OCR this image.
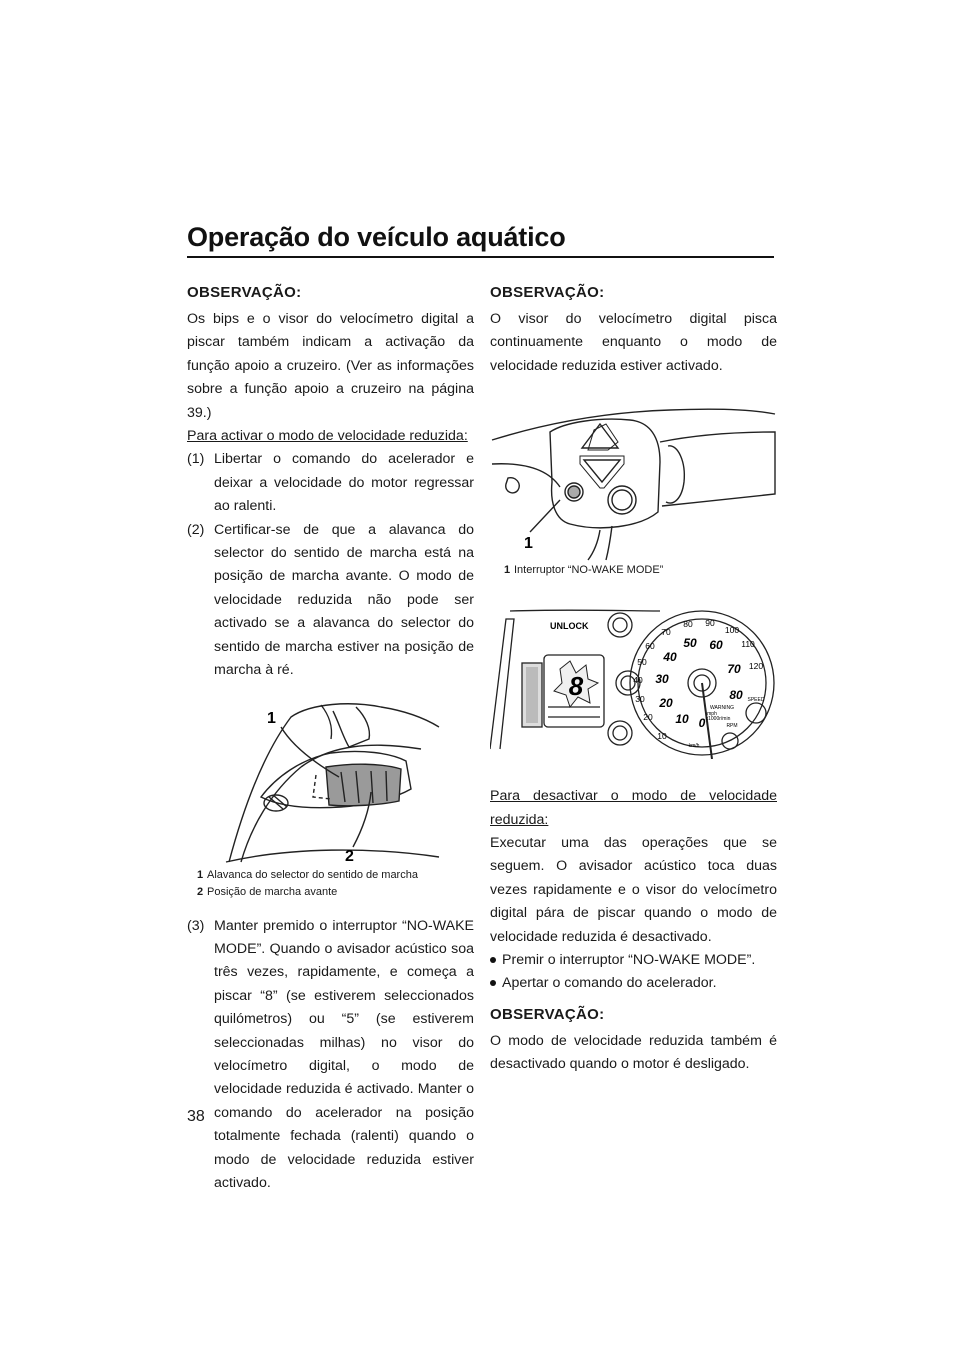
Operação do veículo aquático
OBSERVAÇÃO:

Os bips e o visor do velocímetro digital a piscar também indicam a activação da função apoio a cruzeiro. (Ver as informações sobre a função apoio a cruzeiro na página 39.)

Para activar o modo de velocidade reduzida:

(1) Libertar o comando do acelerador e deixar a velocidade do motor regressar ao ralenti.
(2) Certificar-se de que a alavanca do selector do sentido de marcha está na posição de marcha avante. O modo de velocidade reduzida não pode ser activado se a alavanca do selector do sentido de marcha estiver na posição de marcha à ré.
1
2
1 Alavanca do selector do sentido de marcha
2 Posição de marcha avante
(3) Manter premido o interruptor “NO-WAKE MODE”. Quando o avisador acústico soa três vezes, rapidamente, e começa a piscar “8” (se estiverem seleccionados quilómetros) ou “5” (se estiverem seleccionadas milhas) no visor do velocímetro digital, o modo de velocidade reduzida é activado. Manter o comando do acelerador na posição totalmente fechada (ralenti) quando o modo de velocidade reduzida estiver activado.
OBSERVAÇÃO:

O visor do velocímetro digital pisca continuamente enquanto o modo de velocidade reduzida estiver activado.

1
1 Interruptor “NO-WAKE MODE”
8
UNLOCK
10
20
30
40
50
60
70
80 90
100
110
120
0
10
20
30
40
50 60
70
80
mph
km/h
x1000r/min
RPM
SPEED
WARNING

Para desactivar o modo de velocidade reduzida:

Executar uma das operações que se seguem. O avisador acústico toca duas vezes rapidamente e o visor do velocímetro digital pára de piscar quando o modo de velocidade reduzida é desactivado.

Premir o interruptor “NO-WAKE MODE”.
Apertar o comando do acelerador.
OBSERVAÇÃO:

O modo de velocidade reduzida também é desactivado quando o motor é desligado.

38
